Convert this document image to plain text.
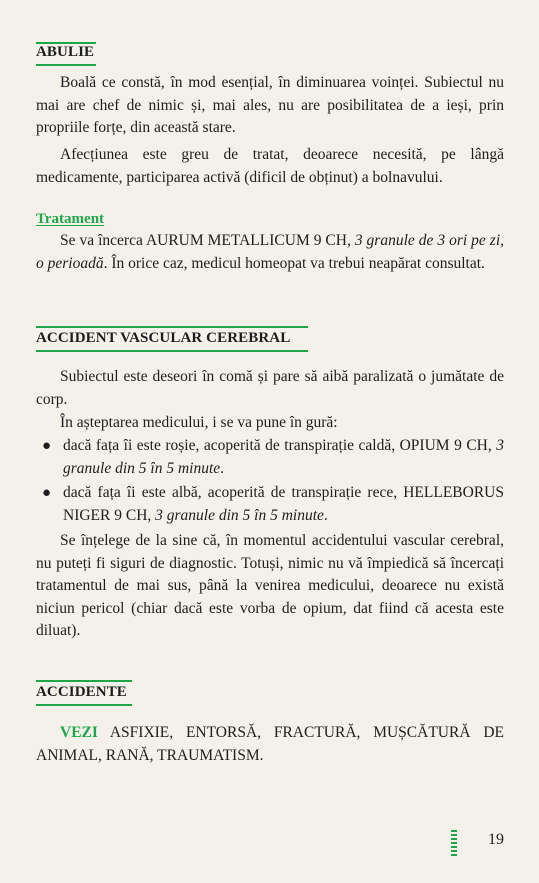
ABULIE

Boală ce constă, în mod esențial, în diminuarea voinței. Subiectul nu mai are chef de nimic și, mai ales, nu are posibilitatea de a ieși, prin propriile forțe, din această stare.

Afecțiunea este greu de tratat, deoarece necesită, pe lângă medicamente, participarea activă (dificil de obținut) a bolnavului.

Tratament

Se va încerca AURUM METALLICUM 9 CH, 3 granule de 3 ori pe zi, o perioadă. În orice caz, medicul homeopat va trebui neapărat consultat.

ACCIDENT VASCULAR CEREBRAL

Subiectul este deseori în comă și pare să aibă paralizată o jumătate de corp.

În așteptarea medicului, i se va pune în gură:

● dacă fața îi este roșie, acoperită de transpirație caldă, OPIUM 9 CH, 3 granule din 5 în 5 minute.
● dacă fața îi este albă, acoperită de transpirație rece, HELLEBORUS NIGER 9 CH, 3 granule din 5 în 5 minute.

Se înțelege de la sine că, în momentul accidentului vascular cerebral, nu puteți fi siguri de diagnostic. Totuși, nimic nu vă împiedică să încercați tratamentul de mai sus, până la venirea medicului, deoarece nu există niciun pericol (chiar dacă este vorba de opium, dat fiind că acesta este diluat).

ACCIDENTE

VEZI ASFIXIE, ENTORSĂ, FRACTURĂ, MUȘCĂTURĂ DE ANIMAL, RANĂ, TRAUMATISM.

19
